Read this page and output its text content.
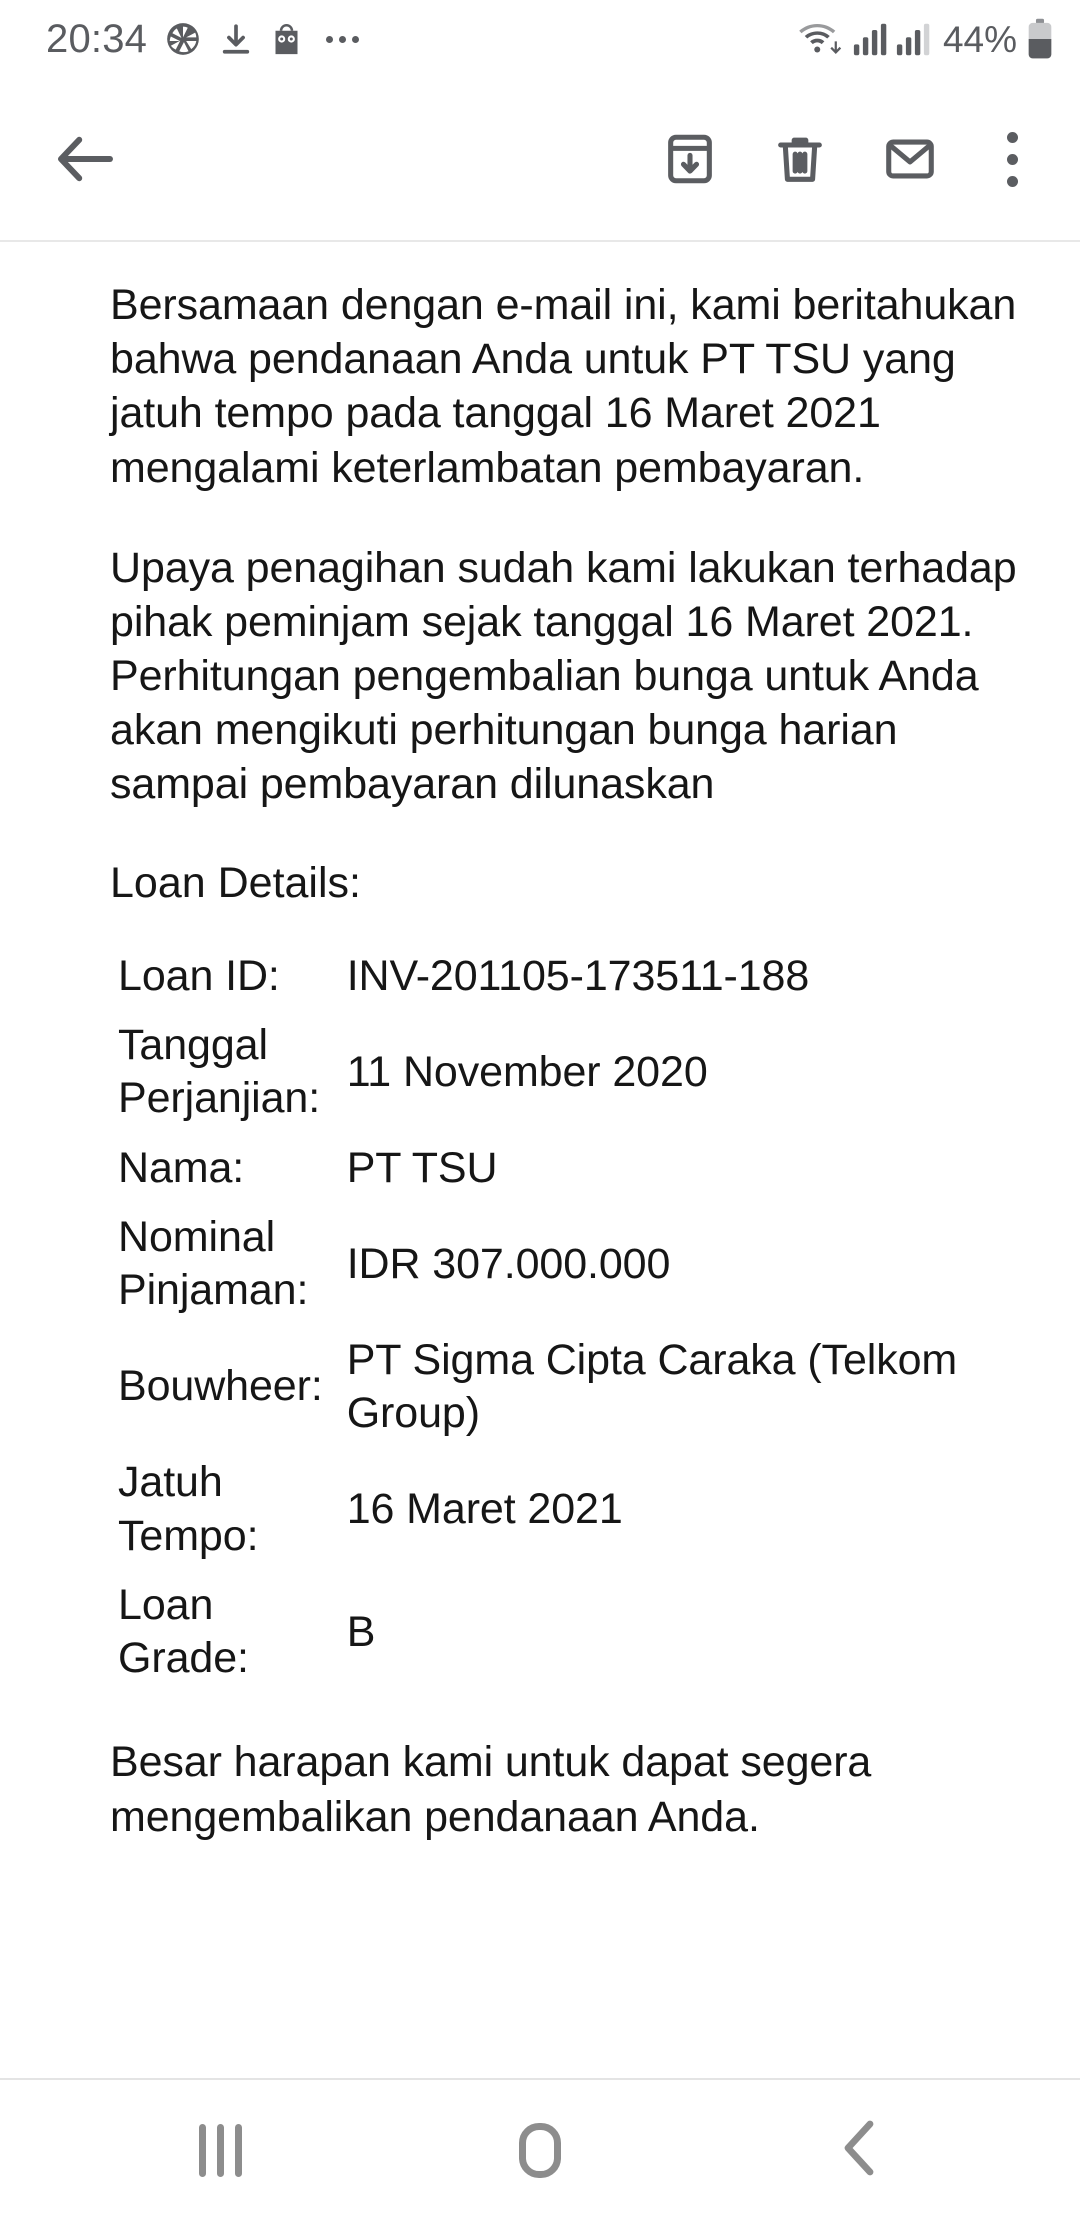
20:34	44%

Bersamaan dengan e-mail ini, kami beritahukan bahwa pendanaan Anda untuk PT TSU yang jatuh tempo pada tanggal 16 Maret 2021 mengalami keterlambatan pembayaran.

Upaya penagihan sudah kami lakukan terhadap pihak peminjam sejak tanggal 16 Maret 2021. Perhitungan pengembalian bunga untuk Anda akan mengikuti perhitungan bunga harian sampai pembayaran dilunaskan

Loan Details:
Loan ID:	INV-201105-173511-188
Tanggal Perjanjian:	11 November 2020
Nama:	PT TSU
Nominal Pinjaman:	IDR 307.000.000
Bouwheer:	PT Sigma Cipta Caraka (Telkom Group)
Jatuh Tempo:	16 Maret 2021
Loan Grade:	B

Besar harapan kami untuk dapat segera mengembalikan pendanaan Anda.
